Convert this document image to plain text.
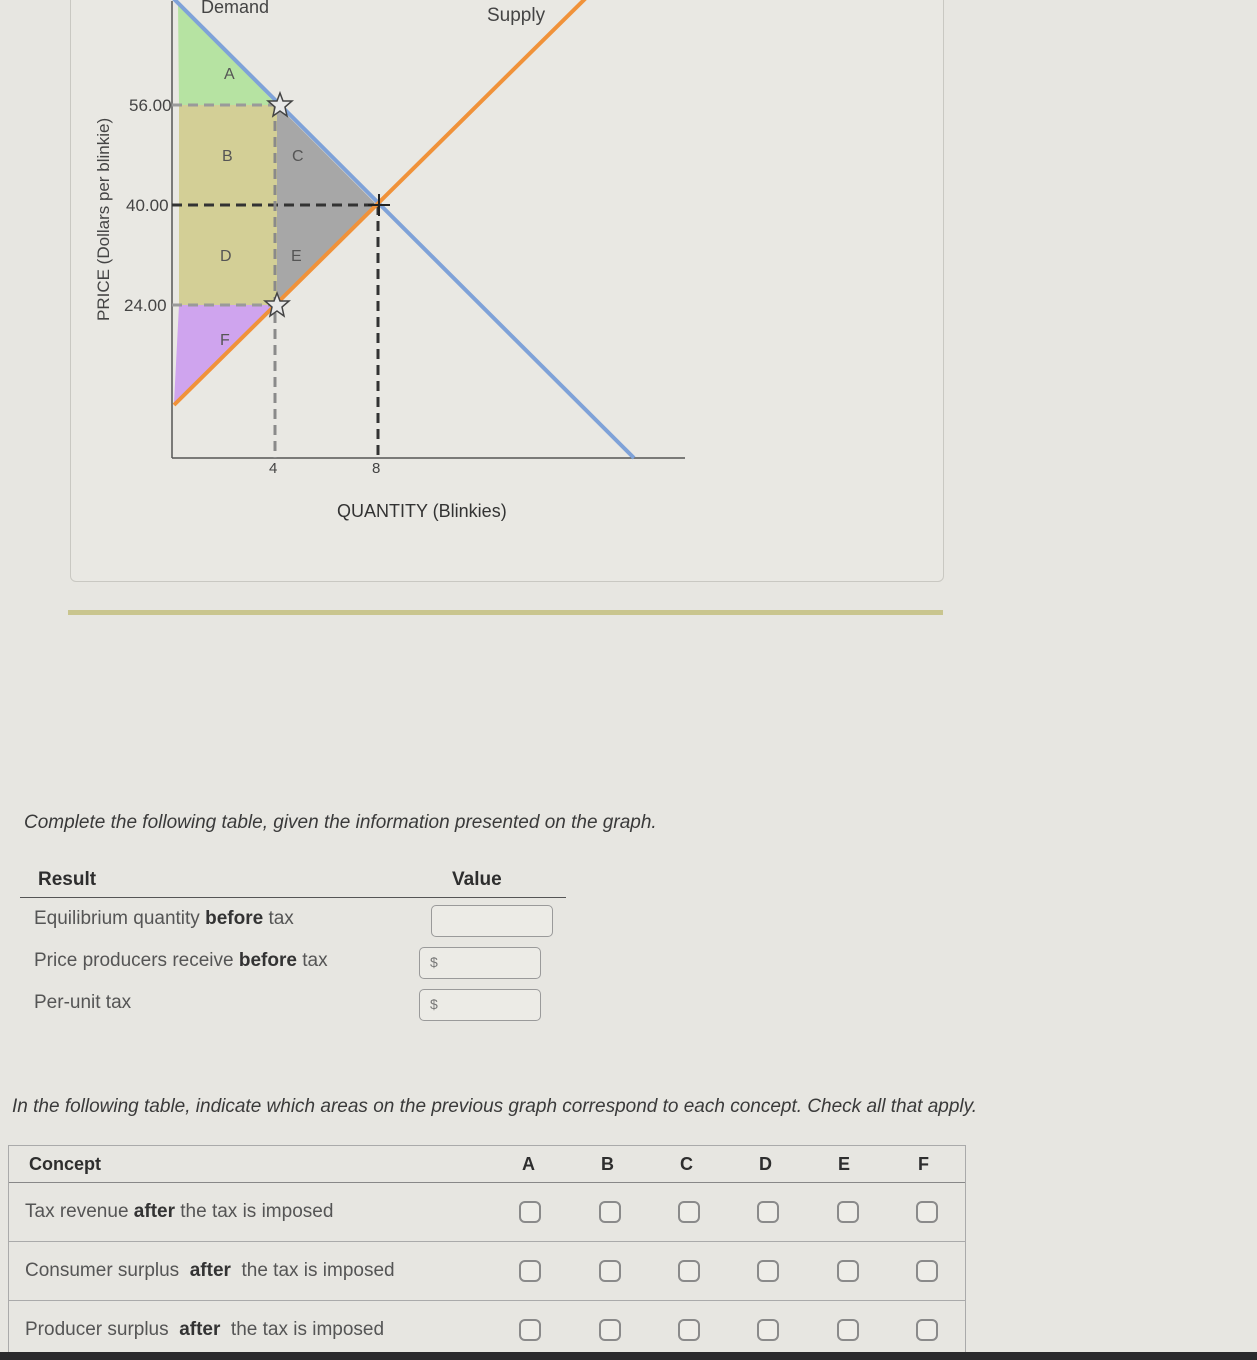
Demand	Supply
56.00
40.00
24.00
4	8
PRICE (Dollars per blinkie)
QUANTITY (Blinkies)
A
B	C
D	E
F
Complete the following table, given the information presented on the graph.
Result	Value
Equilibrium quantity before tax
Price producers receive before tax	$
Per-unit tax	$
In the following table, indicate which areas on the previous graph correspond to each concept. Check all that apply.
Concept	A	B	C	D	E	F
Tax revenue after the tax is imposed
Consumer surplus  after  the tax is imposed
Producer surplus  after  the tax is imposed
